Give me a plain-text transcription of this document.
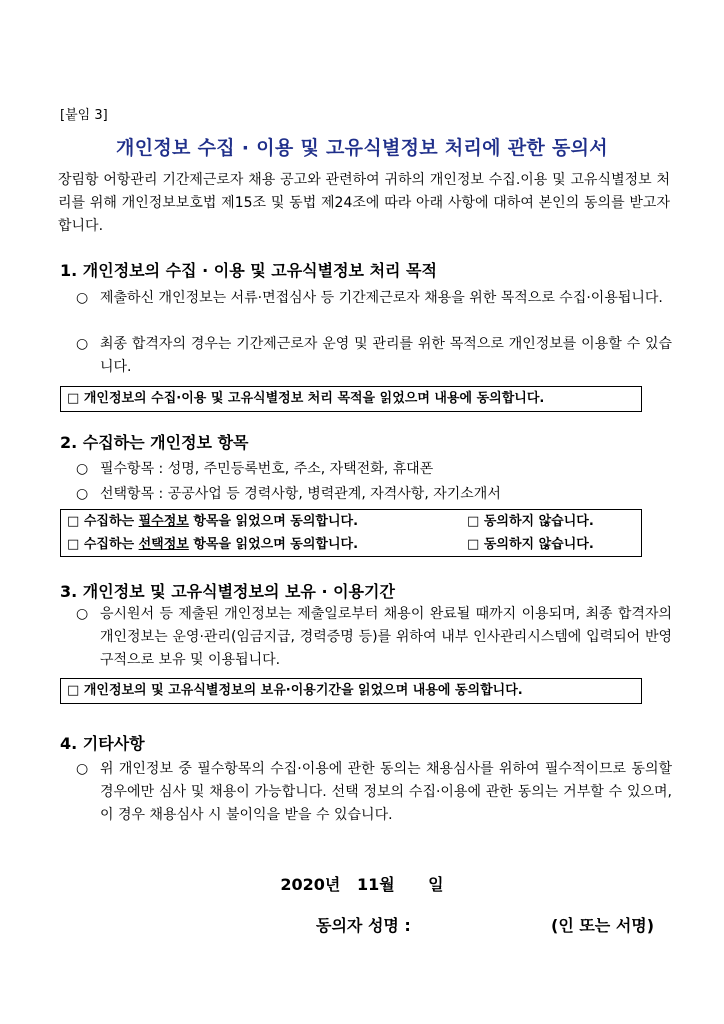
[붙임 3]
개인정보 수집 · 이용 및 고유식별정보 처리에 관한 동의서
장림항 어항관리 기간제근로자 채용 공고와 관련하여 귀하의 개인정보 수집.이용 및 고유식별정보 처리를 위해 개인정보보호법 제15조 및 동법 제24조에 따라 아래 사항에 대하여 본인의 동의를 받고자 합니다.
1. 개인정보의 수집 · 이용 및 고유식별정보 처리 목적
○ 제출하신 개인정보는 서류·면접심사 등 기간제근로자 채용을 위한 목적으로 수집·이용됩니다.
○ 최종 합격자의 경우는 기간제근로자 운영 및 관리를 위한 목적으로 개인정보를 이용할 수 있습니다.
□ 개인정보의 수집·이용 및 고유식별정보 처리 목적을 읽었으며 내용에 동의합니다.
2. 수집하는 개인정보 항목
○ 필수항목 : 성명, 주민등록번호, 주소, 자택전화, 휴대폰
○ 선택항목 : 공공사업 등 경력사항, 병력관계, 자격사항, 자기소개서
□ 수집하는 필수정보 항목을 읽었으며 동의합니다.	□ 동의하지 않습니다.
□ 수집하는 선택정보 항목을 읽었으며 동의합니다.	□ 동의하지 않습니다.
3. 개인정보 및 고유식별정보의 보유 · 이용기간
○ 응시원서 등 제출된 개인정보는 제출일로부터 채용이 완료될 때까지 이용되며, 최종 합격자의 개인정보는 운영·관리(임금지급, 경력증명 등)를 위하여 내부 인사관리시스템에 입력되어 반영구적으로 보유 및 이용됩니다.
□ 개인정보의 및 고유식별정보의 보유·이용기간을 읽었으며 내용에 동의합니다.
4. 기타사항
○ 위 개인정보 중 필수항목의 수집·이용에 관한 동의는 채용심사를 위하여 필수적이므로 동의할 경우에만 심사 및 채용이 가능합니다. 선택 정보의 수집·이용에 관한 동의는 거부할 수 있으며, 이 경우 채용심사 시 불이익을 받을 수 있습니다.
2020년   11월      일
동의자 성명 :	(인 또는 서명)
